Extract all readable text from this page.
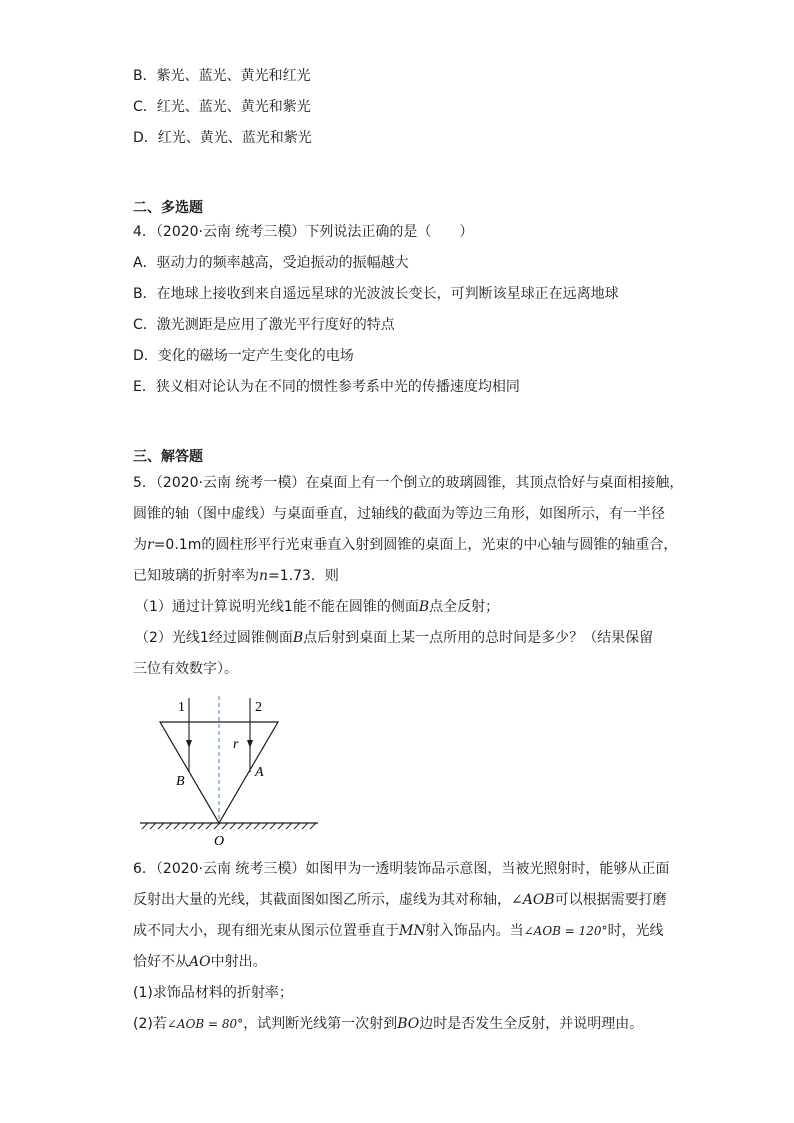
B．紫光、蓝光、黄光和红光
C．红光、蓝光、黄光和紫光
D．红光、黄光、蓝光和紫光
二、多选题
4．（2020·云南 统考三模）下列说法正确的是（　　）
A．驱动力的频率越高，受迫振动的振幅越大
B．在地球上接收到来自遥远星球的光波波长变长，可判断该星球正在远离地球
C．激光测距是应用了激光平行度好的特点
D．变化的磁场一定产生变化的电场
E．狭义相对论认为在不同的惯性参考系中光的传播速度均相同
三、解答题
5．（2020·云南 统考一模）在桌面上有一个倒立的玻璃圆锥，其顶点恰好与桌面相接触，
圆锥的轴（图中虚线）与桌面垂直，过轴线的截面为等边三角形，如图所示，有一半径
为r=0.1m的圆柱形平行光束垂直入射到圆锥的桌面上，光束的中心轴与圆锥的轴重合，
已知玻璃的折射率为n=1.73．则
（1）通过计算说明光线1能不能在圆锥的侧面B点全反射；
（2）光线1经过圆锥侧面B点后射到桌面上某一点所用的总时间是多少？（结果保留
三位有效数字）。
1	2
r
A
B
O
6．（2020·云南 统考三模）如图甲为一透明装饰品示意图，当被光照射时，能够从正面
反射出大量的光线，其截面图如图乙所示，虚线为其对称轴，∠AOB可以根据需要打磨
成不同大小，现有细光束从图示位置垂直于MN射入饰品内。当∠AOB = 120°时，光线
恰好不从AO中射出。
(1)求饰品材料的折射率；
(2)若∠AOB = 80°，试判断光线第一次射到BO边时是否发生全反射，并说明理由。
